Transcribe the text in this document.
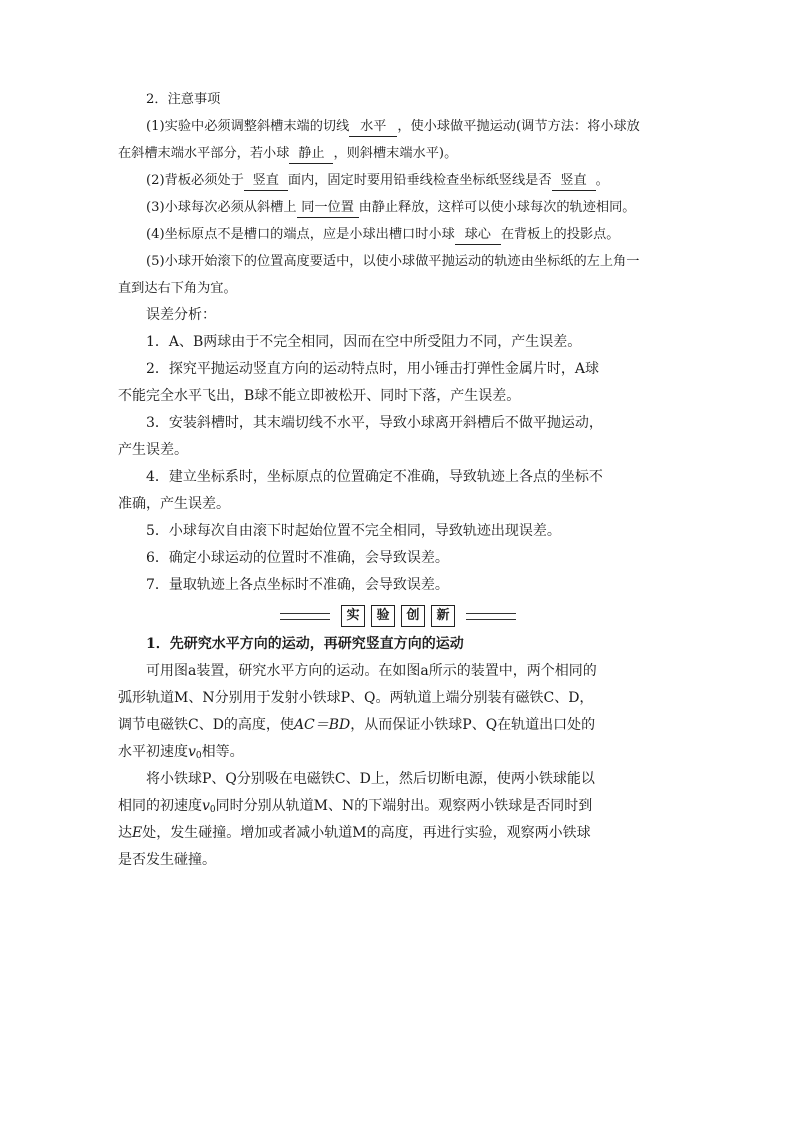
2．注意事项
(1)实验中必须调整斜槽末端的切线 水平 ，使小球做平抛运动(调节方法：将小球放
在斜槽末端水平部分，若小球 静止 ，则斜槽末端水平)。
(2)背板必须处于 竖直 面内，固定时要用铅垂线检查坐标纸竖线是否 竖直 。
(3)小球每次必须从斜槽上 同一位置 由静止释放，这样可以使小球每次的轨迹相同。
(4)坐标原点不是槽口的端点，应是小球出槽口时小球 球心 在背板上的投影点。
(5)小球开始滚下的位置高度要适中，以使小球做平抛运动的轨迹由坐标纸的左上角一
直到达右下角为宜。
误差分析：
1．A、B两球由于不完全相同，因而在空中所受阻力不同，产生误差。
2．探究平抛运动竖直方向的运动特点时，用小锤击打弹性金属片时，A球
不能完全水平飞出，B球不能立即被松开、同时下落，产生误差。
3．安装斜槽时，其末端切线不水平，导致小球离开斜槽后不做平抛运动，
产生误差。
4．建立坐标系时，坐标原点的位置确定不准确，导致轨迹上各点的坐标不
准确，产生误差。
5．小球每次自由滚下时起始位置不完全相同，导致轨迹出现误差。
6．确定小球运动的位置时不准确，会导致误差。
7．量取轨迹上各点坐标时不准确，会导致误差。
实	验	创	新
1．先研究水平方向的运动，再研究竖直方向的运动
可用图a装置，研究水平方向的运动。在如图a所示的装置中，两个相同的
弧形轨道M、N分别用于发射小铁球P、Q。两轨道上端分别装有磁铁C、D，
调节电磁铁C、D的高度，使AC＝BD，从而保证小铁球P、Q在轨道出口处的
水平初速度$v_0$相等。
将小铁球P、Q分别吸在电磁铁C、D上，然后切断电源，使两小铁球能以
相同的初速度$v_0$同时分别从轨道M、N的下端射出。观察两小铁球是否同时到
达E处，发生碰撞。增加或者减小轨道M的高度，再进行实验，观察两小铁球
是否发生碰撞。
